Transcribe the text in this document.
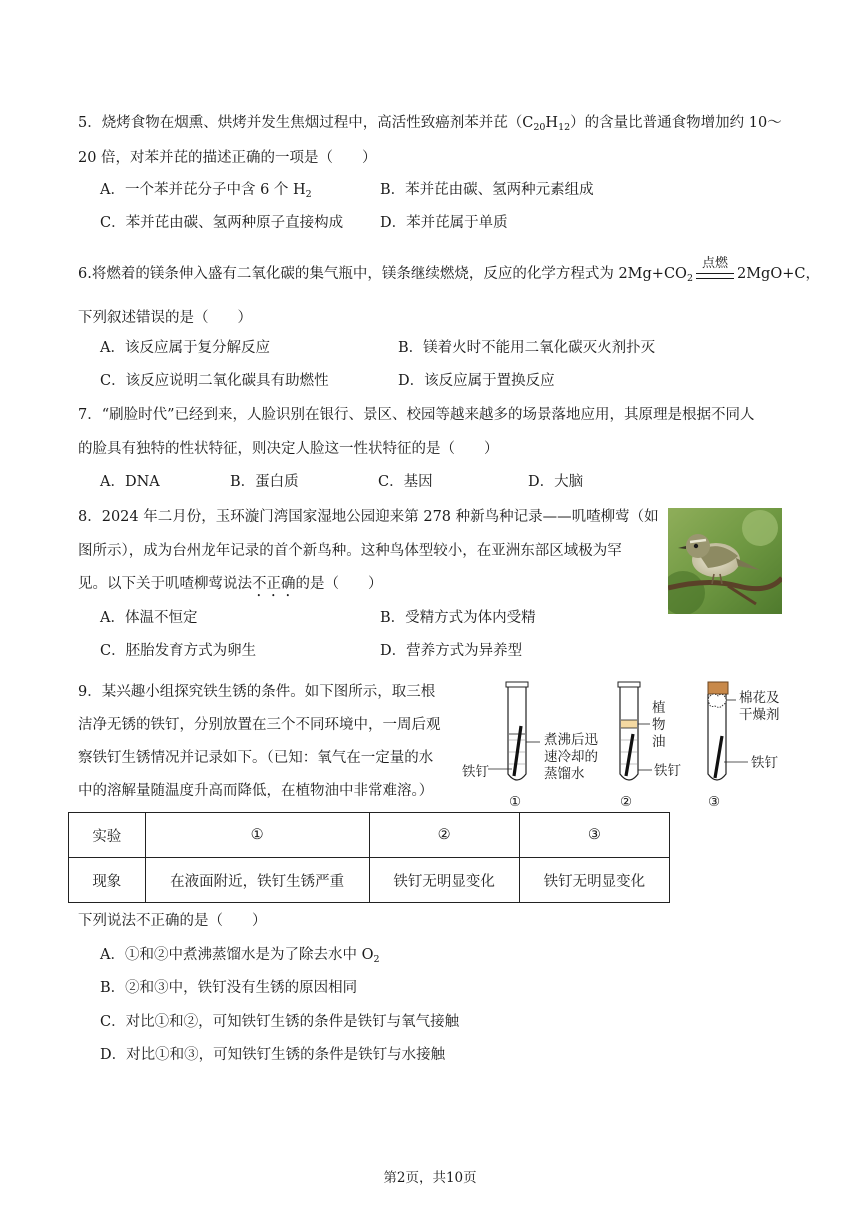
5．烧烤食物在烟熏、烘烤并发生焦烟过程中，高活性致癌剂苯并芘$(C_{20}H_{12})$的含量比普通食物增加约 10～
20 倍，对苯并芘的描述正确的一项是（　　）
A．一个苯并芘分子中含 6 个 $H_2$	B．苯并芘由碳、氢两种元素组成
C．苯并芘由碳、氢两种原子直接构成	D．苯并芘属于单质
6.将燃着的镁条伸入盛有二氧化碳的集气瓶中，镁条继续燃烧，反应的化学方程式为 $2Mg+CO_2$
点燃
2MgO+C，
下列叙述错误的是（　　）
A．该反应属于复分解反应	B．镁着火时不能用二氧化碳灭火剂扑灭
C．该反应说明二氧化碳具有助燃性	D．该反应属于置换反应
7．“刷脸时代”已经到来，人脸识别在银行、景区、校园等越来越多的场景落地应用，其原理是根据不同人
的脸具有独特的性状特征，则决定人脸这一性状特征的是（　　）
A．DNA	B．蛋白质	C．基因	D．大脑
8．2024 年二月份，玉环漩门湾国家湿地公园迎来第 278 种新鸟种记录——叽喳柳莺（如
图所示），成为台州龙年记录的首个新鸟种。这种鸟体型较小，在亚洲东部区域极为罕
见。以下关于叽喳柳莺说法不正确的是（　　）
A．体温不恒定	B．受精方式为体内受精
C．胚胎发育方式为卵生	D．营养方式为异养型
9．某兴趣小组探究铁生锈的条件。如下图所示，取三根
洁净无锈的铁钉，分别放置在三个不同环境中，一周后观
察铁钉生锈情况并记录如下。（已知：氧气在一定量的水
中的溶解量随温度升高而降低，在植物油中非常难溶。）
铁钉
煮沸后迅
速冷却的
蒸馏水
植
物
油
铁钉
棉花及
干燥剂
铁钉
①	②	③
实验	①	②	③
现象	在液面附近，铁钉生锈严重	铁钉无明显变化	铁钉无明显变化
下列说法不正确的是（　　）
A．①和②中煮沸蒸馏水是为了除去水中 $O_2$
B．②和③中，铁钉没有生锈的原因相同
C．对比①和②，可知铁钉生锈的条件是铁钉与氧气接触
D．对比①和③，可知铁钉生锈的条件是铁钉与水接触
第2页，共10页
